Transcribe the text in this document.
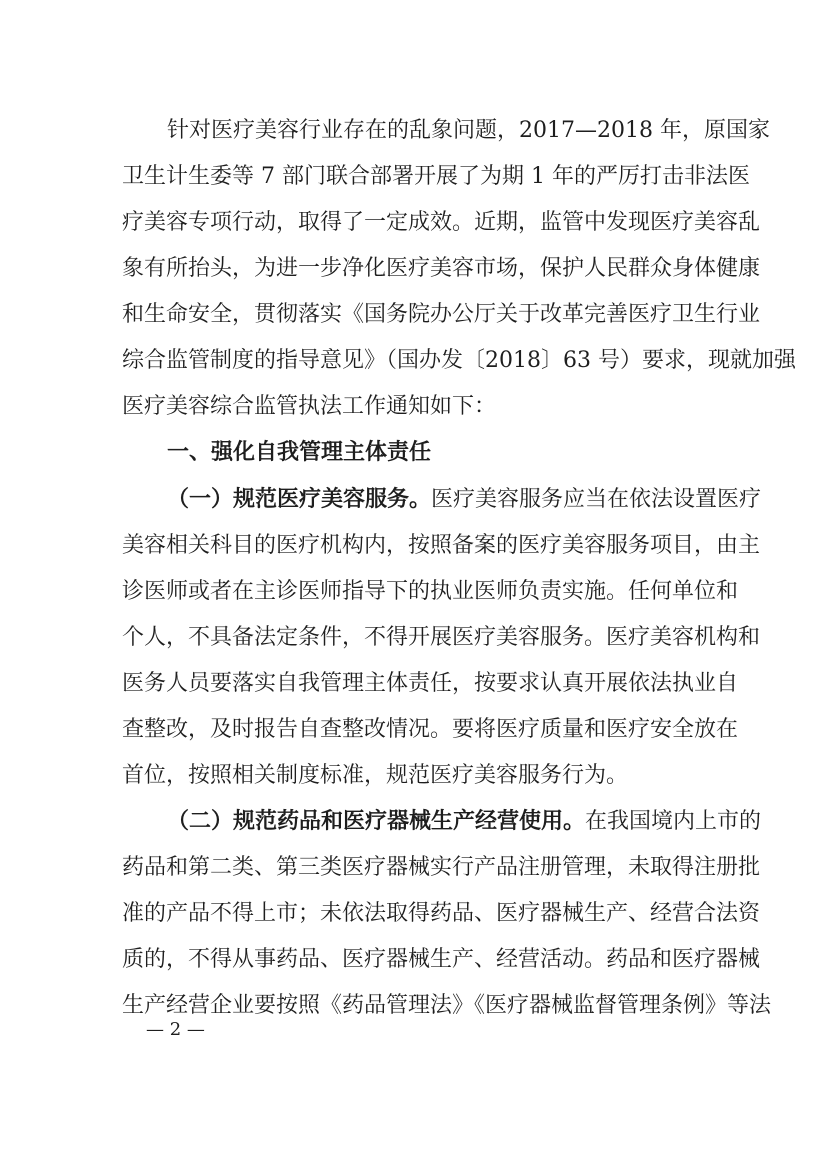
针对医疗美容行业存在的乱象问题，2017—2018 年，原国家
卫生计生委等 7 部门联合部署开展了为期 1 年的严厉打击非法医
疗美容专项行动，取得了一定成效。近期，监管中发现医疗美容乱
象有所抬头，为进一步净化医疗美容市场，保护人民群众身体健康
和生命安全，贯彻落实《国务院办公厅关于改革完善医疗卫生行业
综合监管制度的指导意见》（国办发〔2018〕63 号）要求，现就加强
医疗美容综合监管执法工作通知如下：
一、强化自我管理主体责任
（一）规范医疗美容服务。医疗美容服务应当在依法设置医疗
美容相关科目的医疗机构内，按照备案的医疗美容服务项目，由主
诊医师或者在主诊医师指导下的执业医师负责实施。任何单位和
个人，不具备法定条件，不得开展医疗美容服务。医疗美容机构和
医务人员要落实自我管理主体责任，按要求认真开展依法执业自
查整改，及时报告自查整改情况。要将医疗质量和医疗安全放在
首位，按照相关制度标准，规范医疗美容服务行为。
（二）规范药品和医疗器械生产经营使用。在我国境内上市的
药品和第二类、第三类医疗器械实行产品注册管理，未取得注册批
准的产品不得上市；未依法取得药品、医疗器械生产、经营合法资
质的，不得从事药品、医疗器械生产、经营活动。药品和医疗器械
生产经营企业要按照《药品管理法》《医疗器械监督管理条例》等法
— 2 —
